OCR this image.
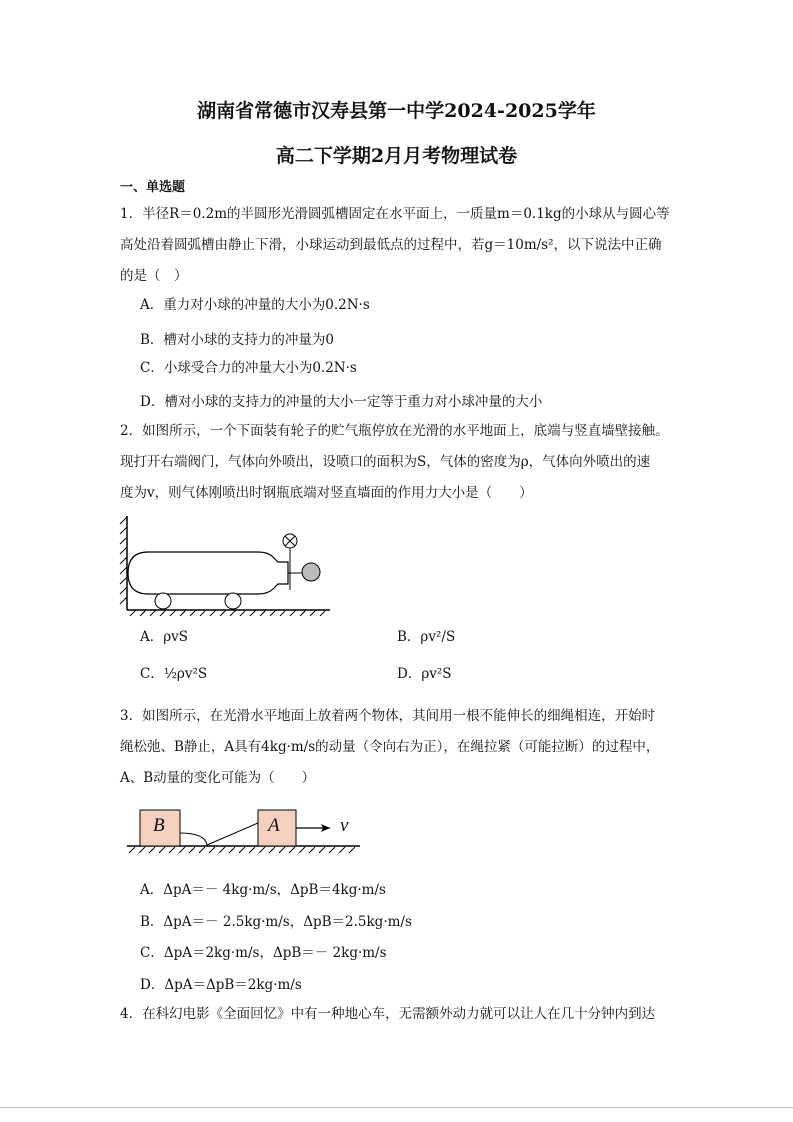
湖南省常德市汉寿县第一中学2024-2025学年
高二下学期2月月考物理试卷
一、单选题
1．半径R＝0.2m的半圆形光滑圆弧槽固定在水平面上，一质量m＝0.1kg的小球从与圆心等
高处沿着圆弧槽由静止下滑，小球运动到最低点的过程中，若g＝10m/s²，以下说法中正确
的是（　）
A．重力对小球的冲量的大小为0.2N·s
B．槽对小球的支持力的冲量为0
C．小球受合力的冲量大小为0.2N·s
D．槽对小球的支持力的冲量的大小一定等于重力对小球冲量的大小
2．如图所示，一个下面装有轮子的贮气瓶停放在光滑的水平地面上，底端与竖直墙壁接触。
现打开右端阀门，气体向外喷出，设喷口的面积为S，气体的密度为ρ，气体向外喷出的速
度为v，则气体刚喷出时钢瓶底端对竖直墙面的作用力大小是（　　）
A．ρvS	B．ρv²/S
C．½ρv²S	D．ρv²S
3．如图所示，在光滑水平地面上放着两个物体，其间用一根不能伸长的细绳相连，开始时
绳松弛、B静止，A具有4kg·m/s的动量（令向右为正），在绳拉紧（可能拉断）的过程中，
A、B动量的变化可能为（　　）
B	A	v
A．ΔpA＝－ 4kg·m/s，ΔpB＝4kg·m/s
B．ΔpA＝－ 2.5kg·m/s，ΔpB＝2.5kg·m/s
C．ΔpA＝2kg·m/s，ΔpB＝－ 2kg·m/s
D．ΔpA＝ΔpB＝2kg·m/s
4．在科幻电影《全面回忆》中有一种地心车，无需额外动力就可以让人在几十分钟内到达
